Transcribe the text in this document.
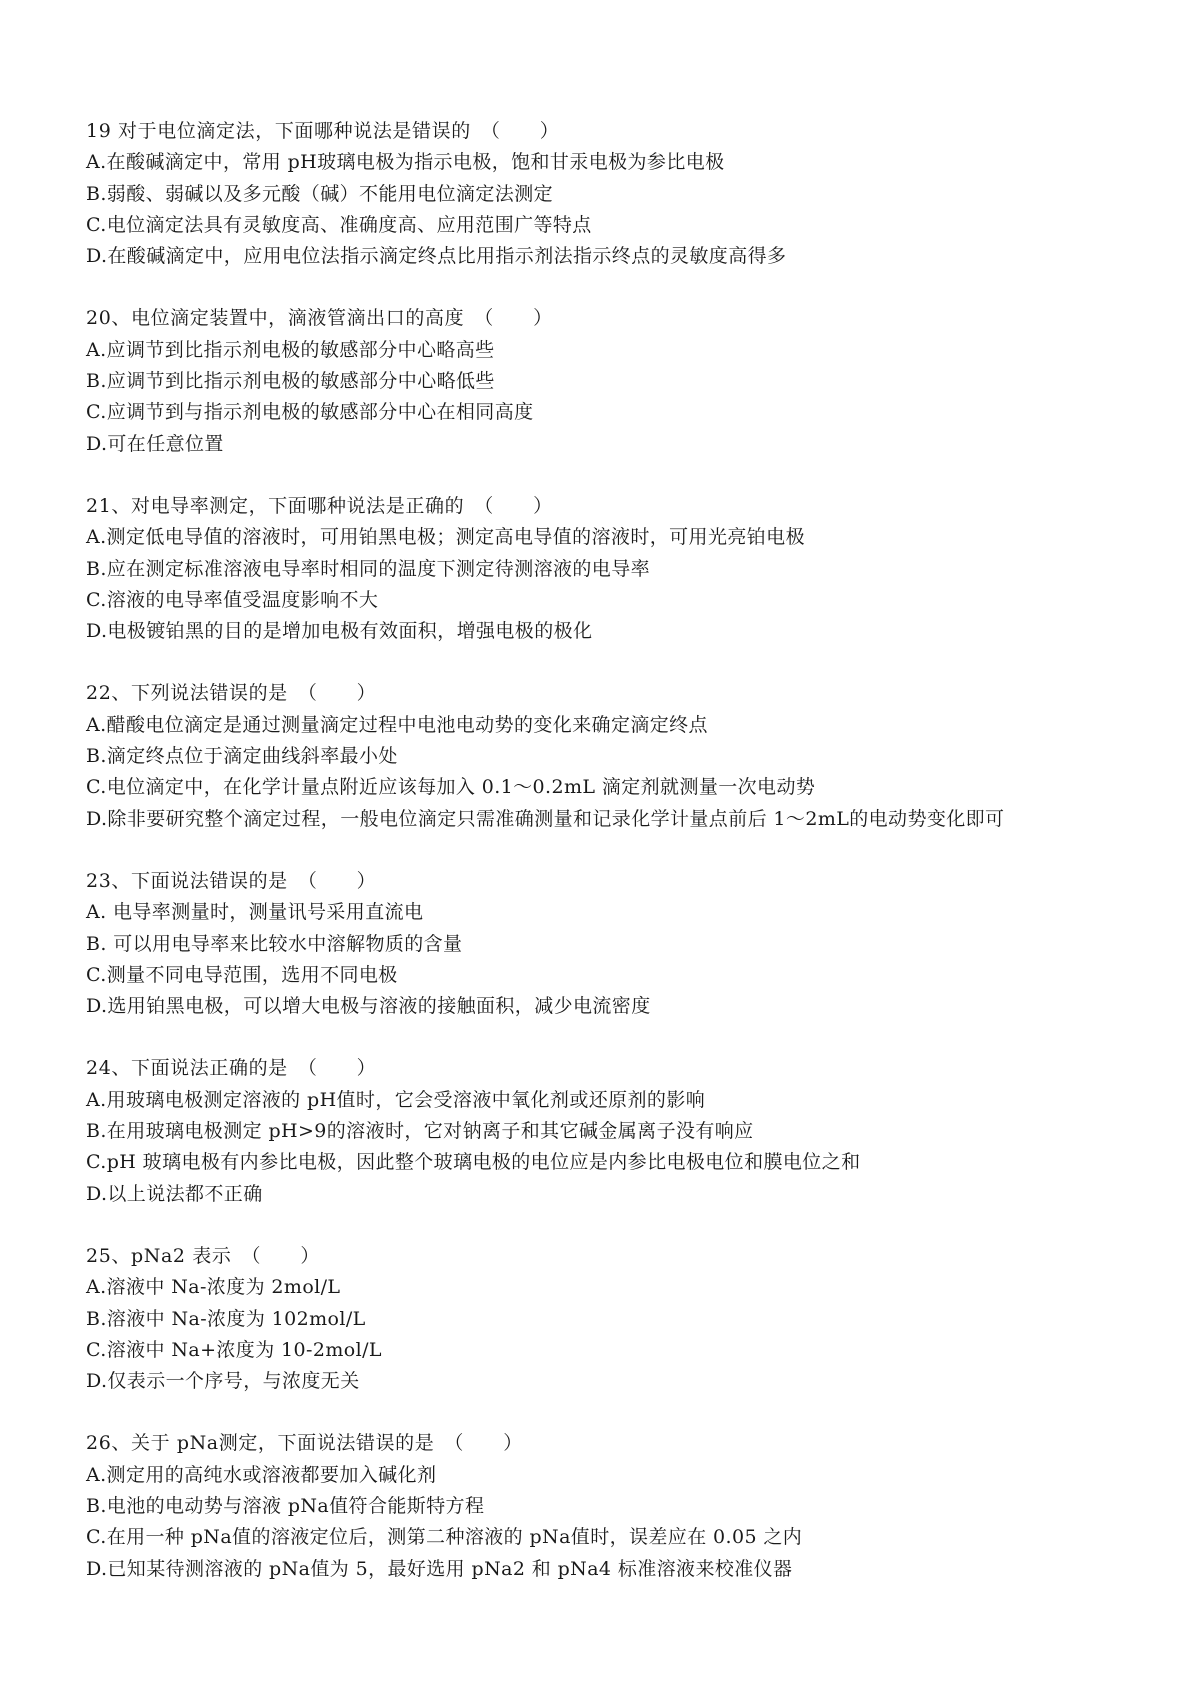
19 对于电位滴定法，下面哪种说法是错误的　（　　）
A.在酸碱滴定中，常用 pH玻璃电极为指示电极，饱和甘汞电极为参比电极
B.弱酸、弱碱以及多元酸（碱）不能用电位滴定法测定
C.电位滴定法具有灵敏度高、准确度高、应用范围广等特点
D.在酸碱滴定中，应用电位法指示滴定终点比用指示剂法指示终点的灵敏度高得多
20、电位滴定装置中，滴液管滴出口的高度　（　　）
A.应调节到比指示剂电极的敏感部分中心略高些
B.应调节到比指示剂电极的敏感部分中心略低些
C.应调节到与指示剂电极的敏感部分中心在相同高度
D.可在任意位置
21、对电导率测定，下面哪种说法是正确的　（　　）
A.测定低电导值的溶液时，可用铂黑电极；测定高电导值的溶液时，可用光亮铂电极
B.应在测定标准溶液电导率时相同的温度下测定待测溶液的电导率
C.溶液的电导率值受温度影响不大
D.电极镀铂黑的目的是增加电极有效面积，增强电极的极化
22、下列说法错误的是　（　　）
A.醋酸电位滴定是通过测量滴定过程中电池电动势的变化来确定滴定终点
B.滴定终点位于滴定曲线斜率最小处
C.电位滴定中，在化学计量点附近应该每加入 0.1～0.2mL 滴定剂就测量一次电动势
D.除非要研究整个滴定过程，一般电位滴定只需准确测量和记录化学计量点前后 1～2mL的电动势变化即可
23、下面说法错误的是　（　　）
A. 电导率测量时，测量讯号采用直流电
B. 可以用电导率来比较水中溶解物质的含量
C.测量不同电导范围，选用不同电极
D.选用铂黑电极，可以增大电极与溶液的接触面积，减少电流密度
24、下面说法正确的是　（　　）
A.用玻璃电极测定溶液的 pH值时，它会受溶液中氧化剂或还原剂的影响
B.在用玻璃电极测定 pH>9的溶液时，它对钠离子和其它碱金属离子没有响应
C.pH 玻璃电极有内参比电极，因此整个玻璃电极的电位应是内参比电极电位和膜电位之和
D.以上说法都不正确
25、pNa2 表示　（　　）
A.溶液中 Na-浓度为 2mol/L
B.溶液中 Na-浓度为 102mol/L
C.溶液中 Na+浓度为 10-2mol/L
D.仅表示一个序号，与浓度无关
26、关于 pNa测定，下面说法错误的是　（　　）
A.测定用的高纯水或溶液都要加入碱化剂
B.电池的电动势与溶液 pNa值符合能斯特方程
C.在用一种 pNa值的溶液定位后，测第二种溶液的 pNa值时，误差应在 0.05 之内
D.已知某待测溶液的 pNa值为 5，最好选用 pNa2 和 pNa4 标准溶液来校准仪器
